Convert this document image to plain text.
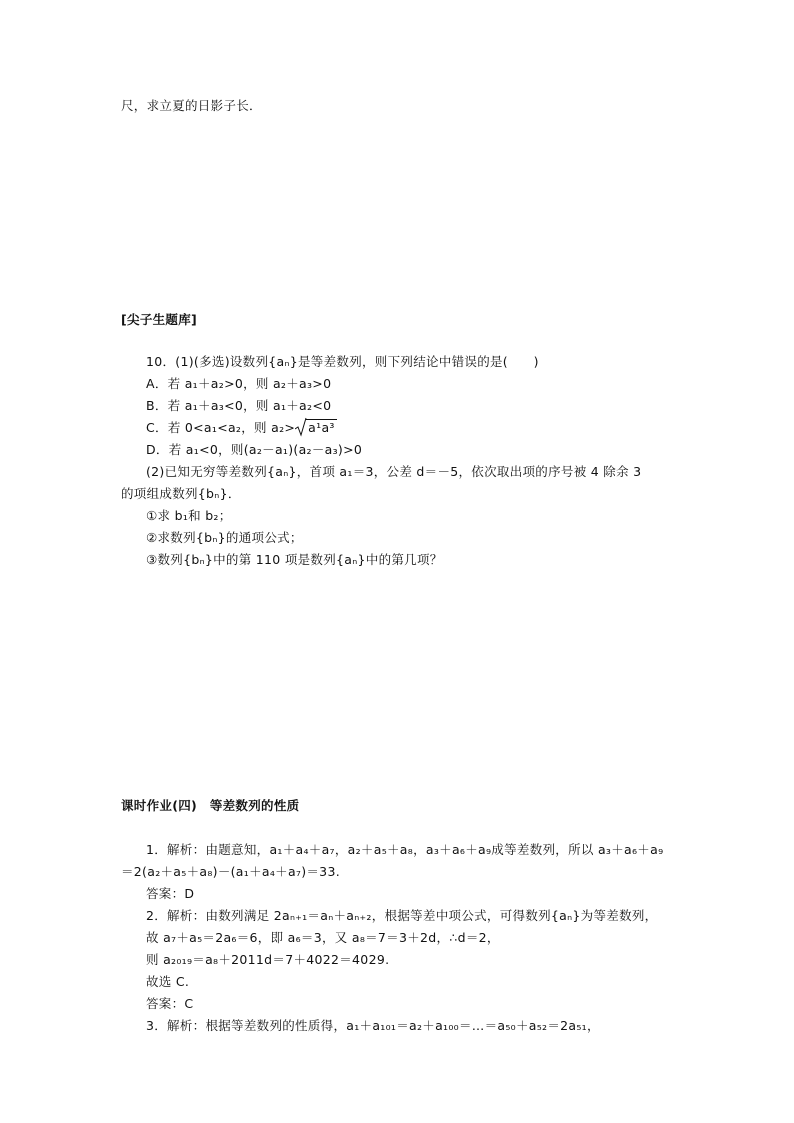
尺，求立夏的日影子长．
[尖子生题库]
10．(1)(多选)设数列{aₙ}是等差数列，则下列结论中错误的是(　　)
A．若 a₁＋a₂>0，则 a₂＋a₃>0
B．若 a₁＋a₃<0，则 a₁＋a₂<0
C．若 0<a₁<a₂，则 a₂> a¹a³
D．若 a₁<0，则(a₂－a₁)(a₂－a₃)>0
(2)已知无穷等差数列{aₙ}，首项 a₁＝3，公差 d＝－5，依次取出项的序号被 4 除余 3
的项组成数列{bₙ}．
①求 b₁和 b₂；
②求数列{bₙ}的通项公式；
③数列{bₙ}中的第 110 项是数列{aₙ}中的第几项？
课时作业(四)　等差数列的性质
1．解析：由题意知，a₁＋a₄＋a₇，a₂＋a₅＋a₈，a₃＋a₆＋a₉成等差数列，所以 a₃＋a₆＋a₉
＝2(a₂＋a₅＋a₈)－(a₁＋a₄＋a₇)＝33.
答案：D
2．解析：由数列满足 2aₙ₊₁＝aₙ＋aₙ₊₂，根据等差中项公式，可得数列{aₙ}为等差数列，
故 a₇＋a₅＝2a₆＝6，即 a₆＝3，又 a₈＝7＝3＋2d，∴d＝2，
则 a₂₀₁₉＝a₈＋2011d＝7＋4022＝4029.
故选 C.
答案：C
3．解析：根据等差数列的性质得，a₁＋a₁₀₁＝a₂＋a₁₀₀＝…＝a₅₀＋a₅₂＝2a₅₁，
